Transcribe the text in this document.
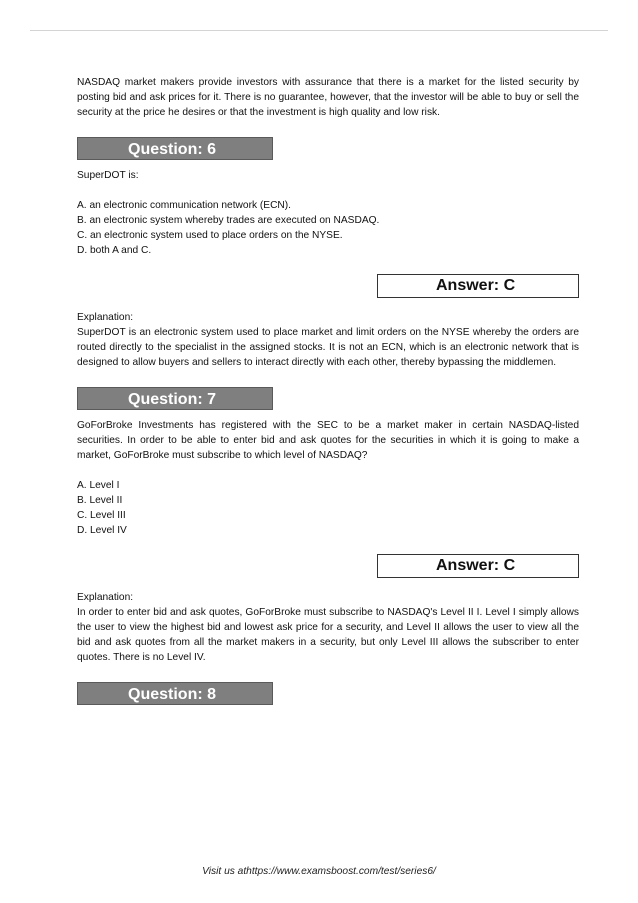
NASDAQ market makers provide investors with assurance that there is a market for the listed security by posting bid and ask prices for it. There is no guarantee, however, that the investor will be able to buy or sell the security at the price he desires or that the investment is high quality and low risk.

Question: 6

SuperDOT is:

A. an electronic communication network (ECN).

B. an electronic system whereby trades are executed on NASDAQ.

C. an electronic system used to place orders on the NYSE.

D. both A and C.

Answer: C

Explanation:

SuperDOT is an electronic system used to place market and limit orders on the NYSE whereby the orders are routed directly to the specialist in the assigned stocks. It is not an ECN, which is an electronic network that is designed to allow buyers and sellers to interact directly with each other, thereby bypassing the middlemen.

Question: 7

GoForBroke Investments has registered with the SEC to be a market maker in certain NASDAQ-listed securities. In order to be able to enter bid and ask quotes for the securities in which it is going to make a market, GoForBroke must subscribe to which level of NASDAQ?

A. Level I

B. Level II

C. Level III

D. Level IV

Answer: C

Explanation:

In order to enter bid and ask quotes, GoForBroke must subscribe to NASDAQ's Level II I. Level I simply allows the user to view the highest bid and lowest ask price for a security, and Level II allows the user to view all the bid and ask quotes from all the market makers in a security, but only Level III allows the subscriber to enter quotes. There is no Level IV.

Question: 8
Visit us athttps://www.examsboost.com/test/series6/
